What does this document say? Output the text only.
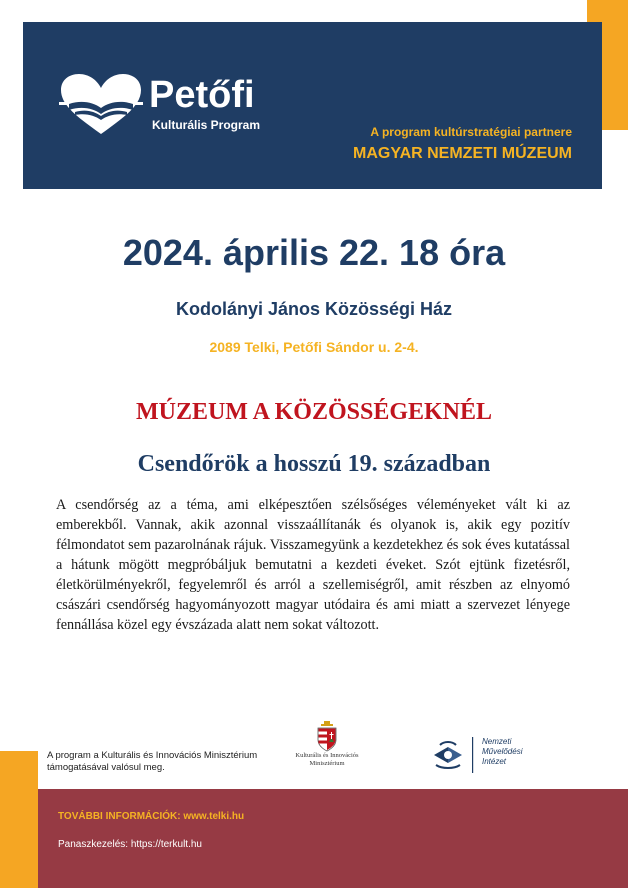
Petőfi
Kulturális Program	A program kultúrstratégiai partnere
MAGYAR NEMZETI MÚZEUM
2024. április 22. 18 óra
Kodolányi János Közösségi Ház
2089 Telki, Petőfi Sándor u. 2-4.
MÚZEUM A KÖZÖSSÉGEKNÉL
Csendőrök a hosszú 19. században

A csendőrség az a téma, ami elképesztően szélsőséges véleményeket vált ki az emberekből. Vannak, akik azonnal visszaállítanák és olyanok is, akik egy pozitív félmondatot sem pazarolnának rájuk. Visszamegyünk a kezdetekhez és sok éves kutatással a hátunk mögött megpróbáljuk bemutatni a kezdeti éveket. Szót ejtünk fizetésről, életkörülményekről, fegyelemről és arról a szellemiségről, amit részben az elnyomó császári csendőrség hagyományozott magyar utódaira és ami miatt a szervezet lényege fennállása közel egy évszázada alatt nem sokat változott.

A program a Kulturális és Innovációs Minisztérium támogatásával valósul meg.
Kulturális és Innovációs
Minisztérium
Nemzeti
Művelődési
Intézet
TOVÁBBI INFORMÁCIÓK: www.telki.hu
Panaszkezelés: https://terkult.hu
